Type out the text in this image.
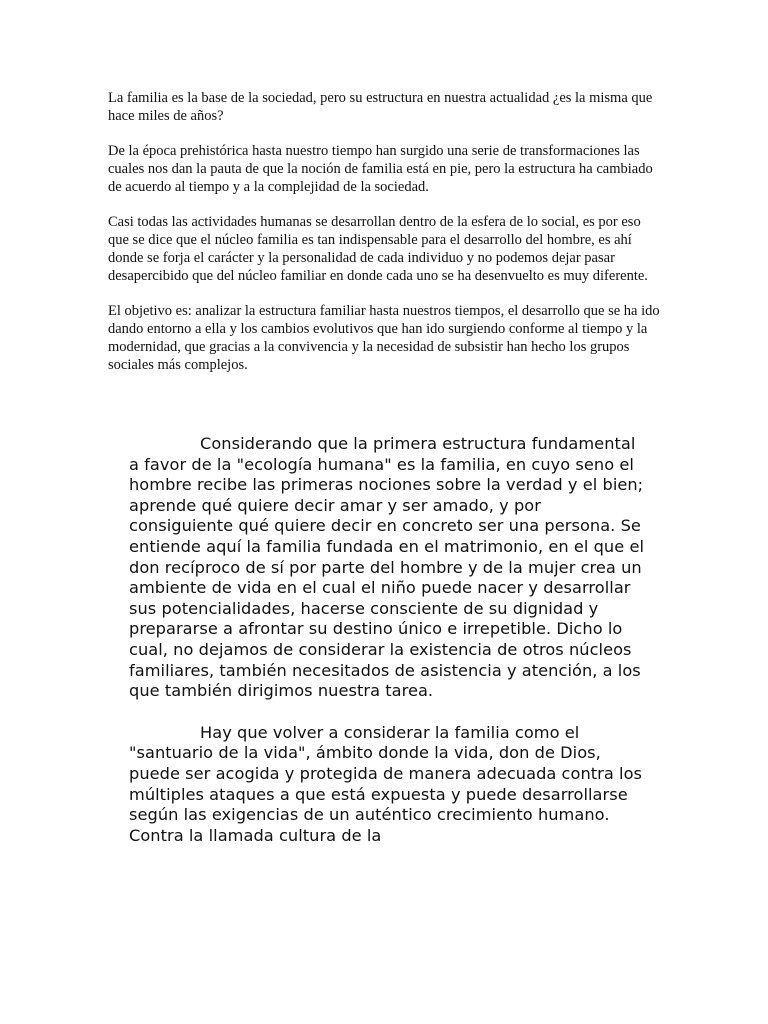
La familia es la base de la sociedad, pero su estructura en nuestra actualidad ¿es la misma que hace miles de años?

De la época prehistórica hasta nuestro tiempo han surgido una serie de transformaciones las cuales nos dan la pauta de que la noción de familia está en pie, pero la estructura ha cambiado de acuerdo al tiempo y a la complejidad de la sociedad.

Casi todas las actividades humanas se desarrollan dentro de la esfera de lo social, es por eso que se dice que el núcleo familia es tan indispensable para el desarrollo del hombre, es ahí donde se forja el carácter y la personalidad de cada individuo y no podemos dejar pasar desapercibido que del núcleo familiar en donde cada uno se ha desenvuelto es muy diferente.

El objetivo es: analizar la estructura familiar hasta nuestros tiempos, el desarrollo que se ha ido dando entorno a ella y los cambios evolutivos que han ido surgiendo conforme al tiempo y la modernidad, que gracias a la convivencia y la necesidad de subsistir han hecho los grupos sociales más complejos.

Considerando que la primera estructura fundamental a favor de la "ecología humana" es la familia, en cuyo seno el hombre recibe las primeras nociones sobre la verdad y el bien; aprende qué quiere decir amar y ser amado, y por consiguiente qué quiere decir en concreto ser una persona. Se entiende aquí la familia fundada en el matrimonio, en el que el don recíproco de sí por parte del hombre y de la mujer crea un ambiente de vida en el cual el niño puede nacer y desarrollar sus potencialidades, hacerse consciente de su dignidad y prepararse a afrontar su destino único e irrepetible. Dicho lo cual, no dejamos de considerar la existencia de otros núcleos familiares, también necesitados de asistencia y atención, a los que también dirigimos nuestra tarea.

Hay que volver a considerar la familia como el "santuario de la vida", ámbito donde la vida, don de Dios, puede ser acogida y protegida de manera adecuada contra los múltiples ataques a que está expuesta y puede desarrollarse según las exigencias de un auténtico crecimiento humano. Contra la llamada cultura de la
